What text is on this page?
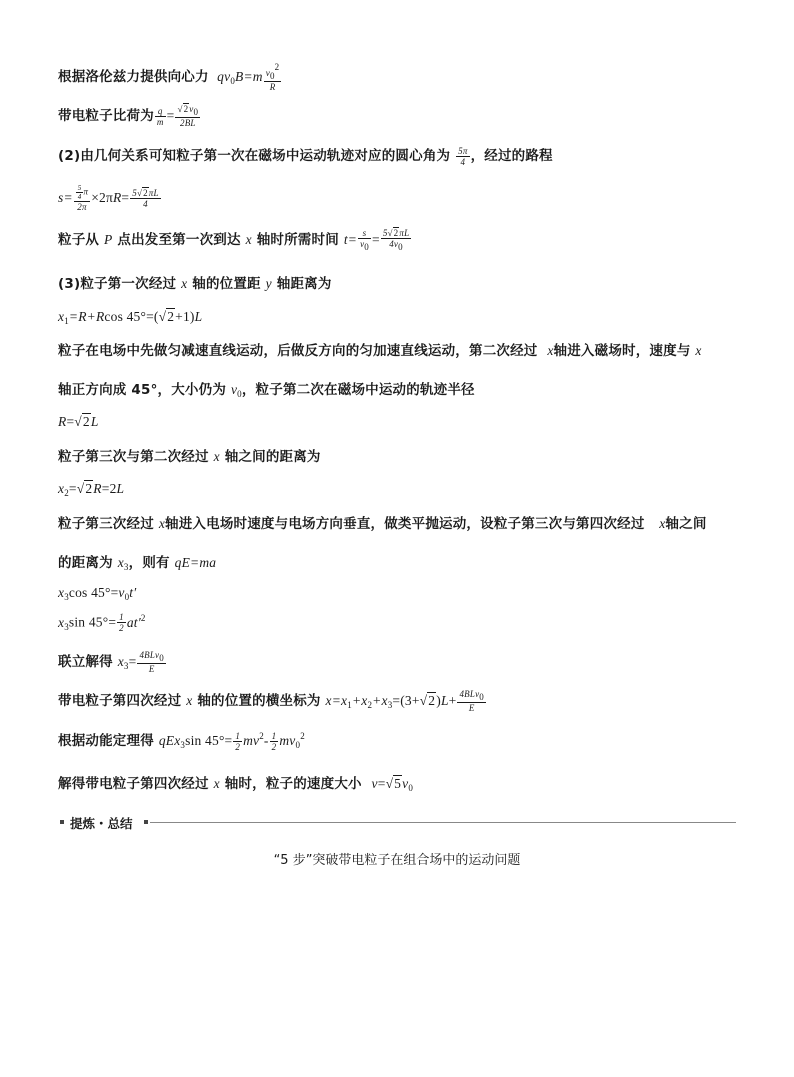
根据洛伦兹力提供向心力  $qv_0B=m \frac{v02}{R}$
带电粒子比荷为 $\frac{q}{m} = \frac{√2v0}{2BL}$
(2)由几何关系可知粒子第一次在磁场中运动轨迹对应的圆心角为 $\frac{5\pi}{4}$ ，经过的路程
$s= \frac{\frac{5}{4} \pi}{2\pi} \times 2\pi R= \frac{5√2\pi L}{4}$
粒子从 P 点出发至第一次到达 x 轴时所需时间 $t= \frac{s}{v0} = \frac{5√2\pi L}{4v0}$
(3)粒子第一次经过 x 轴的位置距 y 轴距离为
$x_1=R+Rcos$ 45°=(√2+1)L
粒子在电场中先做匀减速直线运动，后做反方向的匀加速直线运动，第二次经过 x轴进入磁场时，速度与 x
轴正方向成 45°，大小仍为 $v_0$，粒子第二次在磁场中运动的轨迹半径
R=√2L
粒子第三次与第二次经过 x 轴之间的距离为
$x_2=√2R=2L$
粒子第三次经过 x轴进入电场时速度与电场方向垂直，做类平抛运动，设粒子第三次与第四次经过 x轴之间
的距离为 $x_3$，则有 qE=ma
$x_3\cos$ $45^\circ=v_0t'$
$x_3\sin$ $45^\circ= \frac{1}{2} at'^2$
联立解得 $x_3= 4BLv0$
E
带电粒子第四次经过 x 轴的位置的横坐标为 $x=x_1+x_2+x_3=(3+√2)L+ 4BLv0$
E
根据动能定理得 qEx$_3$sin $45^\circ= \frac{1}{2} mv^2- \frac{1}{2} mv_0^2$
解得带电粒子第四次经过 x 轴时，粒子的速度大小 $v=√5v_0$
提炼・总结
“5 步”突破带电粒子在组合场中的运动问题
